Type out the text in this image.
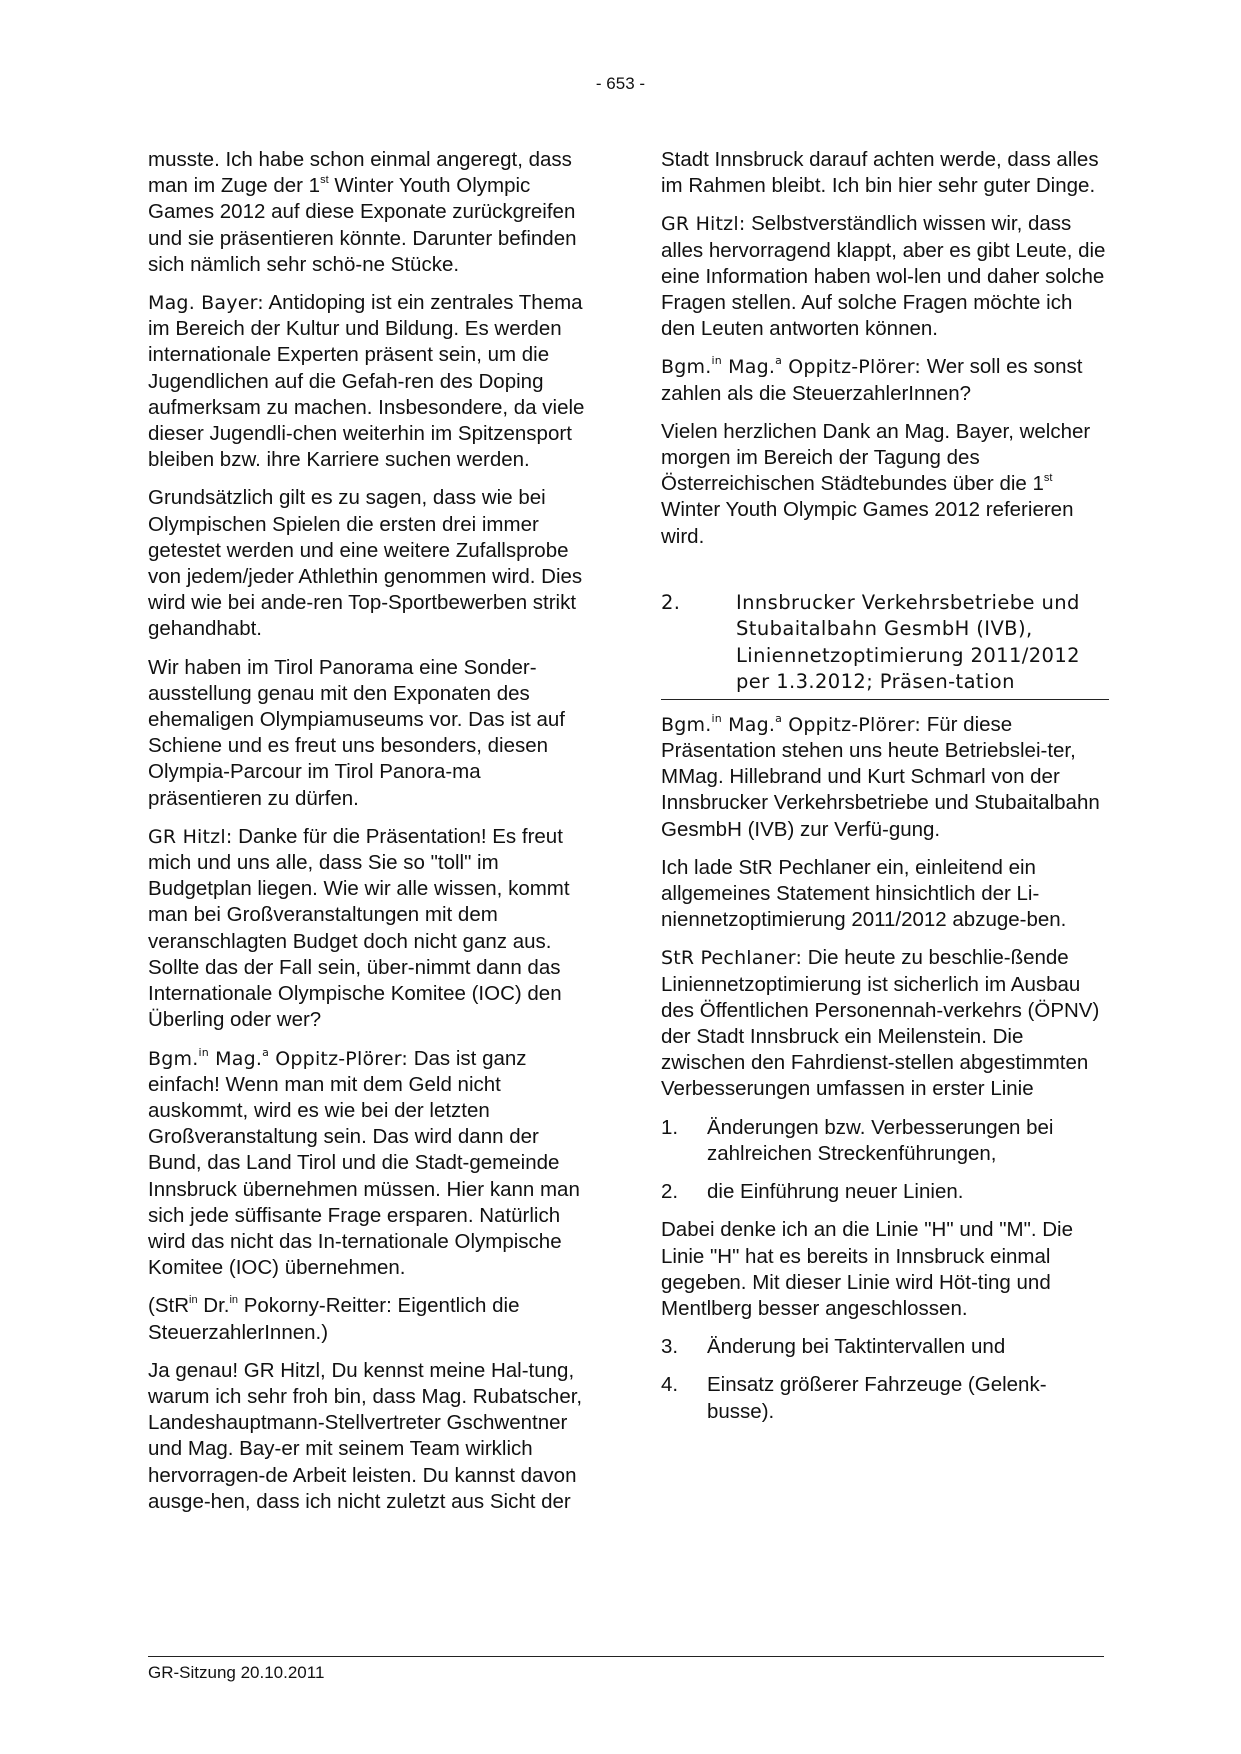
- 653 -

musste. Ich habe schon einmal angeregt, dass man im Zuge der 1st Winter Youth Olympic Games 2012 auf diese Exponate zurückgreifen und sie präsentieren könnte. Darunter befinden sich nämlich sehr schö-ne Stücke.

Mag. Bayer: Antidoping ist ein zentrales Thema im Bereich der Kultur und Bildung. Es werden internationale Experten präsent sein, um die Jugendlichen auf die Gefah-ren des Doping aufmerksam zu machen. Insbesondere, da viele dieser Jugendli-chen weiterhin im Spitzensport bleiben bzw. ihre Karriere suchen werden.

Grundsätzlich gilt es zu sagen, dass wie bei Olympischen Spielen die ersten drei immer getestet werden und eine weitere Zufallsprobe von jedem/jeder Athlethin genommen wird. Dies wird wie bei ande-ren Top-Sportbewerben strikt gehandhabt.

Wir haben im Tirol Panorama eine Sonder-ausstellung genau mit den Exponaten des ehemaligen Olympiamuseums vor. Das ist auf Schiene und es freut uns besonders, diesen Olympia-Parcour im Tirol Panora-ma präsentieren zu dürfen.

GR Hitzl: Danke für die Präsentation! Es freut mich und uns alle, dass Sie so "toll" im Budgetplan liegen. Wie wir alle wissen, kommt man bei Großveranstaltungen mit dem veranschlagten Budget doch nicht ganz aus. Sollte das der Fall sein, über-nimmt dann das Internationale Olympische Komitee (IOC) den Überling oder wer?

Bgm.$^{in}$ Mag.$^a$ Oppitz-Plörer: Das ist ganz einfach! Wenn man mit dem Geld nicht auskommt, wird es wie bei der letzten Großveranstaltung sein. Das wird dann der Bund, das Land Tirol und die Stadt-gemeinde Innsbruck übernehmen müssen. Hier kann man sich jede süffisante Frage ersparen. Natürlich wird das nicht das In-ternationale Olympische Komitee (IOC) übernehmen.

(StR$^{in}$ Dr.$^{in}$ Pokorny-Reitter: Eigentlich die SteuerzahlerInnen.)

Ja genau! GR Hitzl, Du kennst meine Hal-tung, warum ich sehr froh bin, dass Mag. Rubatscher, Landeshauptmann-Stellvertreter Gschwentner und Mag. Bay-er mit seinem Team wirklich hervorragen-de Arbeit leisten. Du kannst davon ausge-hen, dass ich nicht zuletzt aus Sicht der

Stadt Innsbruck darauf achten werde, dass alles im Rahmen bleibt. Ich bin hier sehr guter Dinge.

GR Hitzl: Selbstverständlich wissen wir, dass alles hervorragend klappt, aber es gibt Leute, die eine Information haben wol-len und daher solche Fragen stellen. Auf solche Fragen möchte ich den Leuten antworten können.

Bgm.$^{in}$ Mag.$^a$ Oppitz-Plörer: Wer soll es sonst zahlen als die SteuerzahlerInnen?

Vielen herzlichen Dank an Mag. Bayer, welcher morgen im Bereich der Tagung des Österreichischen Städtebundes über die 1st Winter Youth Olympic Games 2012 referieren wird.

2.	Innsbrucker Verkehrsbetriebe und Stubaitalbahn GesmbH (IVB), Liniennetzoptimierung 2011/2012 per 1.3.2012; Präsen-tation

Bgm.$^{in}$ Mag.$^a$ Oppitz-Plörer: Für diese Präsentation stehen uns heute Betriebslei-ter, MMag. Hillebrand und Kurt Schmarl von der Innsbrucker Verkehrsbetriebe und Stubaitalbahn GesmbH (IVB) zur Verfü-gung.

Ich lade StR Pechlaner ein, einleitend ein allgemeines Statement hinsichtlich der Li-niennetzoptimierung 2011/2012 abzuge-ben.

StR Pechlaner: Die heute zu beschlie-ßende Liniennetzoptimierung ist sicherlich im Ausbau des Öffentlichen Personennah-verkehrs (ÖPNV) der Stadt Innsbruck ein Meilenstein. Die zwischen den Fahrdienst-stellen abgestimmten Verbesserungen umfassen in erster Linie

1.	Änderungen bzw. Verbesserungen bei zahlreichen Streckenführungen,
2.	die Einführung neuer Linien.

Dabei denke ich an die Linie "H" und "M". Die Linie "H" hat es bereits in Innsbruck einmal gegeben. Mit dieser Linie wird Höt-ting und Mentlberg besser angeschlossen.

3.	Änderung bei Taktintervallen und
4.	Einsatz größerer Fahrzeuge (Gelenk-busse).
GR-Sitzung 20.10.2011
